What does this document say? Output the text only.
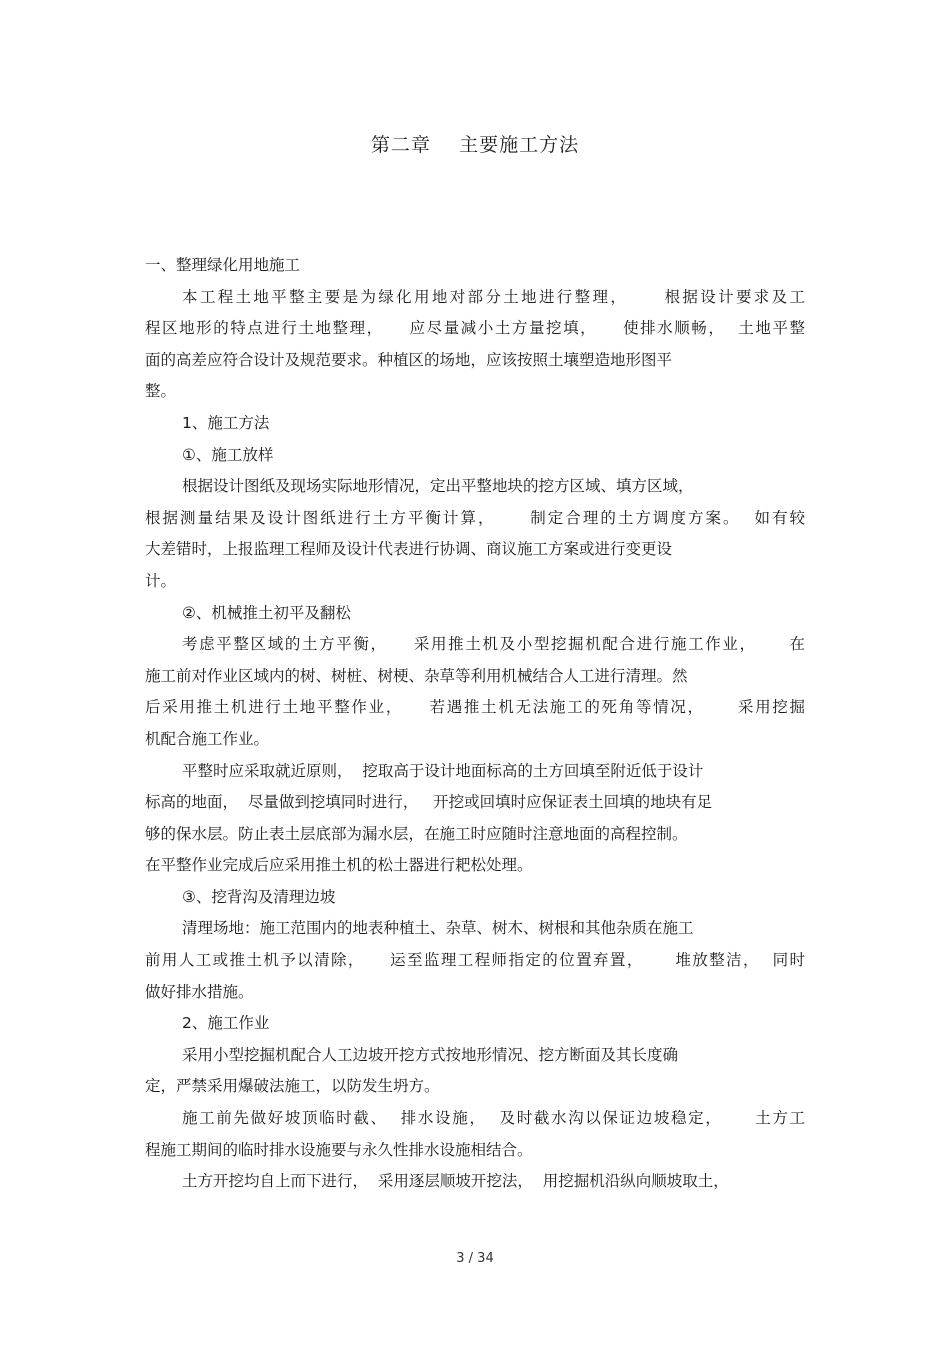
第二章    主要施工方法
一、整理绿化用地施工
本工程土地平整主要是为绿化用地对部分土地进行整理，     根据设计要求及工
程区地形的特点进行土地整理，    应尽量减小土方量挖填，    使排水顺畅，  土地平整
面的高差应符合设计及规范要求。种植区的场地，应该按照土壤塑造地形图平
整。
1、施工方法
①、施工放样
根据设计图纸及现场实际地形情况，定出平整地块的挖方区域、填方区域，
根据测量结果及设计图纸进行土方平衡计算，     制定合理的土方调度方案。  如有较
大差错时，上报监理工程师及设计代表进行协调、商议施工方案或进行变更设
计。
②、机械推土初平及翻松
考虑平整区域的土方平衡，    采用推土机及小型挖掘机配合进行施工作业，     在
施工前对作业区域内的树、树桩、树梗、杂草等利用机械结合人工进行清理。然
后采用推土机进行土地平整作业，    若遇推土机无法施工的死角等情况，     采用挖掘
机配合施工作业。
平整时应采取就近原则，  挖取高于设计地面标高的土方回填至附近低于设计
标高的地面，  尽量做到挖填同时进行，   开挖或回填时应保证表土回填的地块有足
够的保水层。防止表土层底部为漏水层，在施工时应随时注意地面的高程控制。
在平整作业完成后应采用推土机的松土器进行耙松处理。
③、挖背沟及清理边坡
清理场地：施工范围内的地表种植土、杂草、树木、树根和其他杂质在施工
前用人工或推土机予以清除，    运至监理工程师指定的位置弃置，     堆放整洁，  同时
做好排水措施。
2、施工作业
采用小型挖掘机配合人工边坡开挖方式按地形情况、挖方断面及其长度确
定，严禁采用爆破法施工，以防发生坍方。
施工前先做好坡顶临时截、  排水设施，  及时截水沟以保证边坡稳定，     土方工
程施工期间的临时排水设施要与永久性排水设施相结合。
土方开挖均自上而下进行，  采用逐层顺坡开挖法，  用挖掘机沿纵向顺坡取土，
3 / 34
